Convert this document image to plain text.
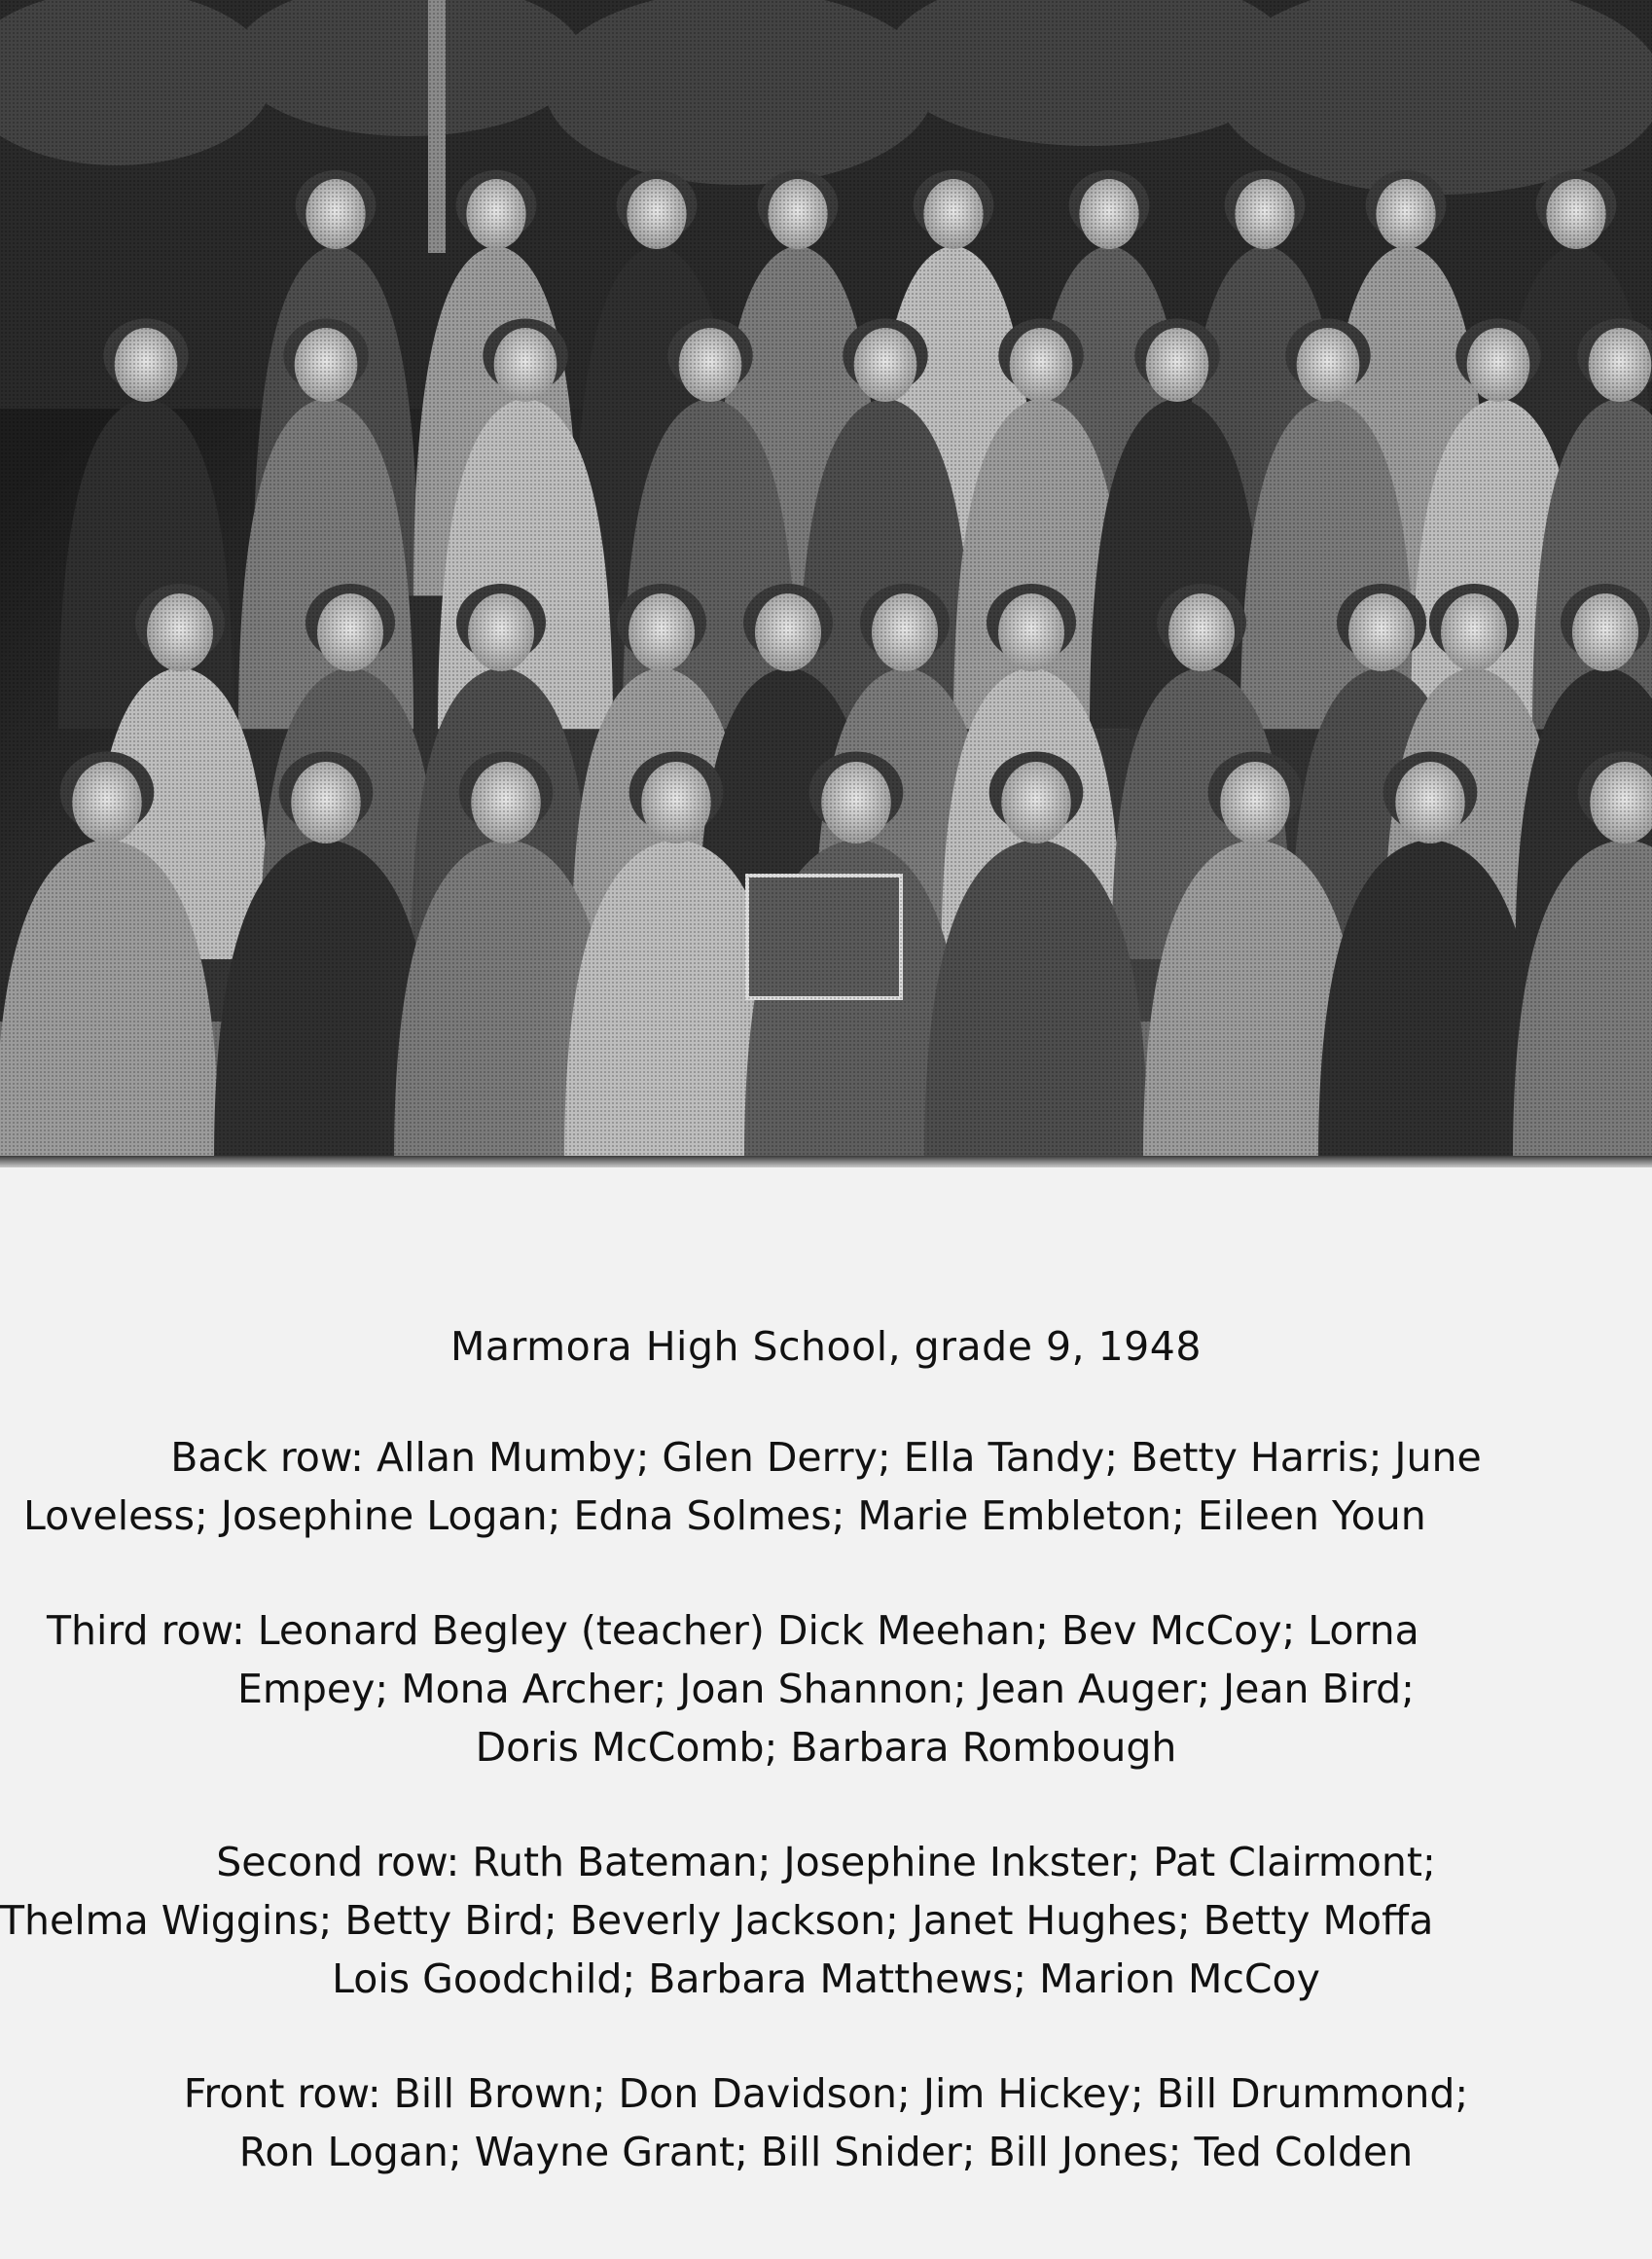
Marmora High School, grade 9, 1948
Back row: Allan Mumby; Glen Derry; Ella Tandy; Betty Harris; June
Loveless; Josephine Logan; Edna Solmes; Marie Embleton; Eileen Youn
Third row: Leonard Begley (teacher) Dick Meehan; Bev McCoy; Lorna
Empey; Mona Archer; Joan Shannon; Jean Auger; Jean Bird;
Doris McComb; Barbara Rombough
Second row: Ruth Bateman; Josephine Inkster; Pat Clairmont;
Thelma Wiggins; Betty Bird; Beverly Jackson; Janet Hughes; Betty Moffa
Lois Goodchild; Barbara Matthews; Marion McCoy
Front row: Bill Brown; Don Davidson; Jim Hickey; Bill Drummond;
Ron Logan; Wayne Grant; Bill Snider; Bill Jones; Ted Colden
